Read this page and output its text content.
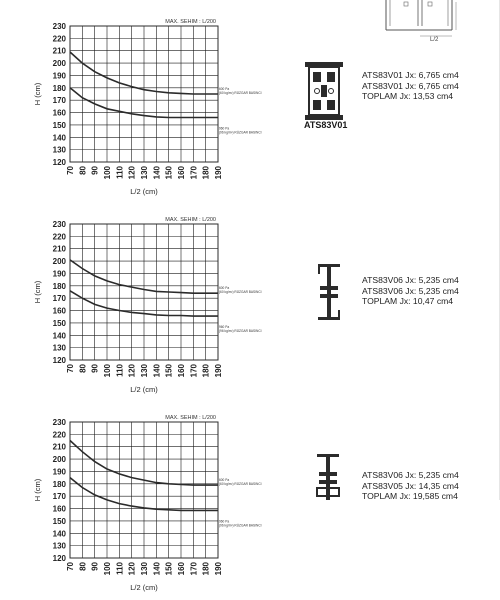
L/2
MAX. SEHIM : L/200
120
130
140
150
160
170
180
190
200
210
220
230
70 80 90 100 110 120 130 140 150 160 170 180 190
H (cm)
L/2 (cm)
600 Pa
(60 kg/m²) RÜZGAR BASINCI
960 Pa
(96 kg/m²) RÜZGAR BASINCI
ATS83V01
ATS83V01 Jx: 6,765 cm4
ATS83V01 Jx: 6,765 cm4
TOPLAM Jx: 13,53 cm4
MAX. SEHIM : L/200
120
130
140
150
160
170
180
190
200
210
220
230
70 80 90 100 110 120 130 140 150 160 170 180 190
H (cm)
L/2 (cm)
600 Pa
(60 kg/m²) RÜZGAR BASINCI
960 Pa
(96 kg/m²) RÜZGAR BASINCI
ATS83V06 Jx: 5,235 cm4
ATS83V06 Jx: 5,235 cm4
TOPLAM Jx: 10,47 cm4
MAX. SEHIM : L/200
120
130
140
150
160
170
180
190
200
210
220
230
70 80 90 100 110 120 130 140 150 160 170 180 190
H (cm)
L/2 (cm)
600 Pa
(60 kg/m²) RÜZGAR BASINCI
960 Pa
(96 kg/m²) RÜZGAR BASINCI
ATS83V06 Jx: 5,235 cm4
ATS83V05 Jx: 14,35 cm4
TOPLAM Jx: 19,585 cm4
